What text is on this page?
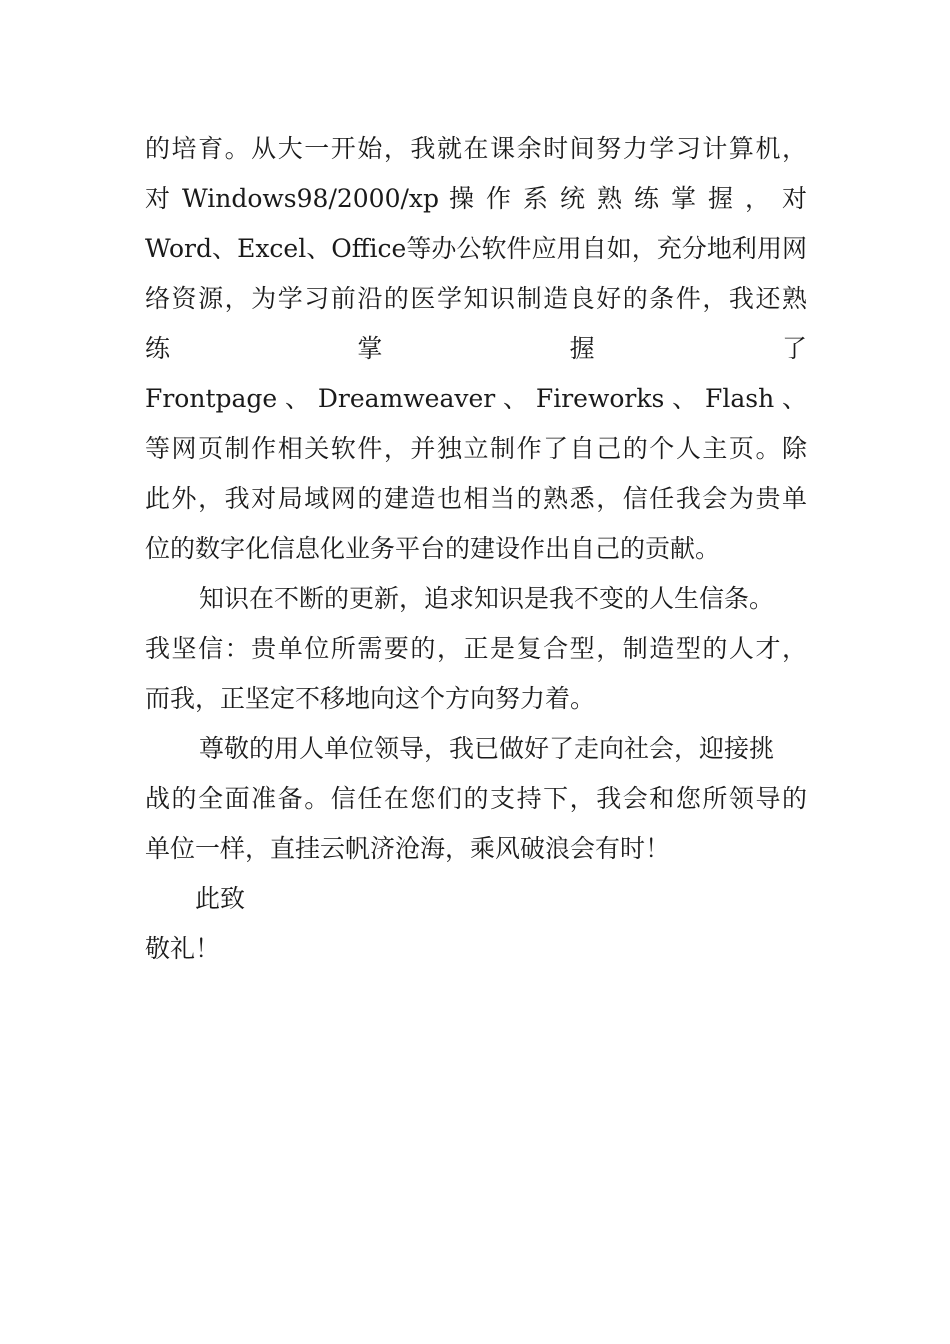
的培育。从大一开始，我就在课余时间努力学习计算机，
对 Windows98/2000/xp 操 作 系 统 熟 练 掌 握 ， 对
Word、Excel、Office等办公软件应用自如，充分地利用网
络资源，为学习前沿的医学知识制造良好的条件，我还熟
练 掌 握 了
Frontpage、Dreamweaver、Fireworks、Flash、
等网页制作相关软件，并独立制作了自己的个人主页。除
此外，我对局域网的建造也相当的熟悉，信任我会为贵单
位的数字化信息化业务平台的建设作出自己的贡献。
知识在不断的更新，追求知识是我不变的人生信条。
我坚信：贵单位所需要的，正是复合型，制造型的人才，
而我，正坚定不移地向这个方向努力着。
尊敬的用人单位领导，我已做好了走向社会，迎接挑
战的全面准备。信任在您们的支持下，我会和您所领导的
单位一样，直挂云帆济沧海，乘风破浪会有时！
此致
敬礼！
